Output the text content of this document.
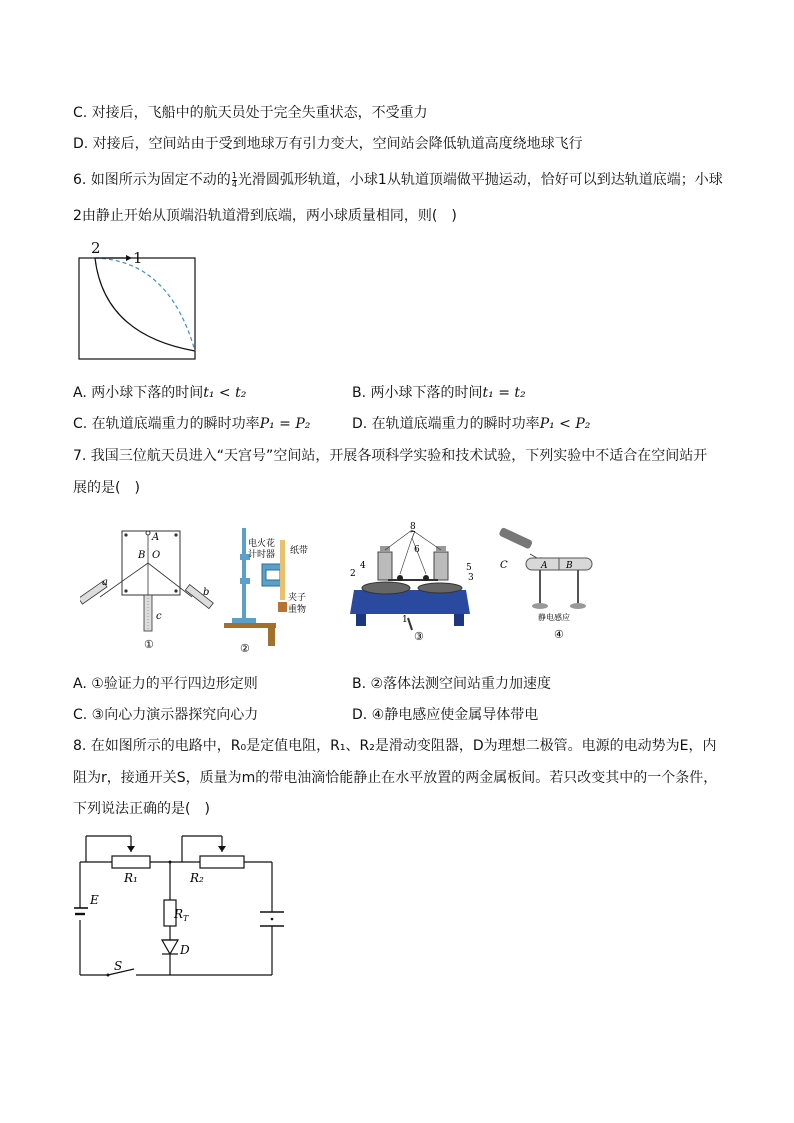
C. 对接后，飞船中的航天员处于完全失重状态，不受重力
D. 对接后，空间站由于受到地球万有引力变大，空间站会降低轨道高度绕地球飞行
6. 如图所示为固定不动的 $\frac{1}{4}$ 光滑圆弧形轨道，小球1从轨道顶端做平抛运动，恰好可以到达轨道底端；小球
2由静止开始从顶端沿轨道滑到底端，两小球质量相同，则(　)
2
1
A. 两小球下落的时间t₁ < t₂	B. 两小球下落的时间t₁ = t₂
C. 在轨道底端重力的瞬时功率P₁ = P₂	D. 在轨道底端重力的瞬时功率P₁ < P₂
7. 我国三位航天员进入“天宫号”空间站，开展各项科学实验和技术试验，下列实验中不适合在空间站开
展的是(　)
A
B O
a
b
c
①
电火花
计时器 纸带
夹子
重物
②
8
7
6
4
2
5
3
1
③
C	A B
静电感应
④
A. ①验证力的平行四边形定则	B. ②落体法测空间站重力加速度
C. ③向心力演示器探究向心力	D. ④静电感应使金属导体带电
8. 在如图所示的电路中，R₀是定值电阻，R₁、R₂是滑动变阻器，D为理想二极管。电源的电动势为E，内
阻为r，接通开关S，质量为m的带电油滴恰能静止在水平放置的两金属板间。若只改变其中的一个条件，
下列说法正确的是(　)
R₁	R₂
$R_T$
E
D
S
